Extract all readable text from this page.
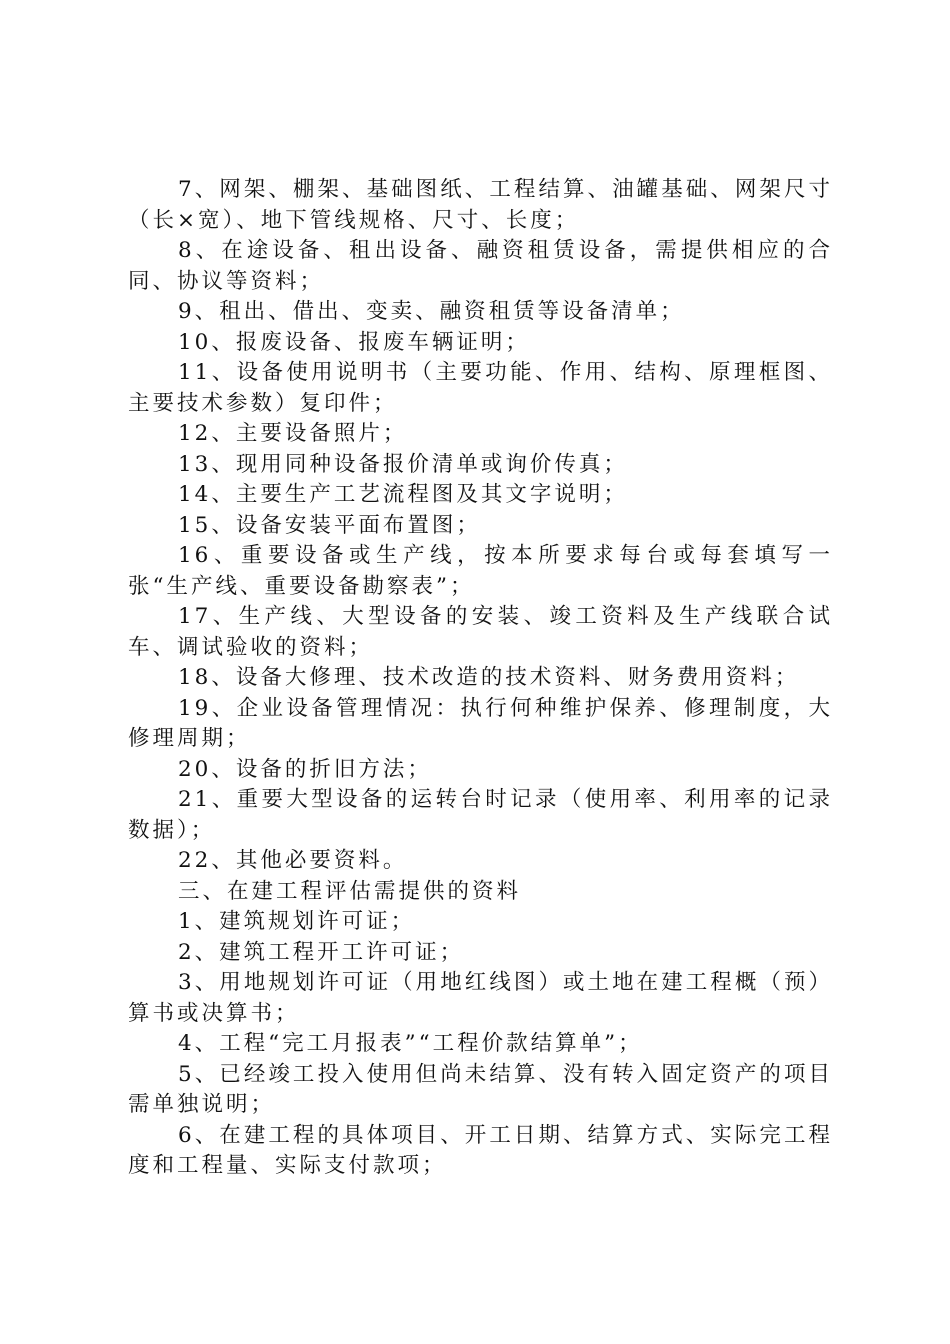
7、网架、棚架、基础图纸、工程结算、油罐基础、网架尺寸（长×宽）、地下管线规格、尺寸、长度；

8、在途设备、租出设备、融资租赁设备，需提供相应的合同、协议等资料；

9、租出、借出、变卖、融资租赁等设备清单；

10、报废设备、报废车辆证明；

11、设备使用说明书（主要功能、作用、结构、原理框图、主要技术参数）复印件；

12、主要设备照片；

13、现用同种设备报价清单或询价传真；

14、主要生产工艺流程图及其文字说明；

15、设备安装平面布置图；

16、重要设备或生产线，按本所要求每台或每套填写一张“生产线、重要设备勘察表”；

17、生产线、大型设备的安装、竣工资料及生产线联合试车、调试验收的资料；

18、设备大修理、技术改造的技术资料、财务费用资料；

19、企业设备管理情况：执行何种维护保养、修理制度，大修理周期；

20、设备的折旧方法；

21、重要大型设备的运转台时记录（使用率、利用率的记录数据）；

22、其他必要资料。

三、在建工程评估需提供的资料

1、建筑规划许可证；

2、建筑工程开工许可证；

3、用地规划许可证（用地红线图）或土地在建工程概（预）算书或决算书；

4、工程“完工月报表”“工程价款结算单”；

5、已经竣工投入使用但尚未结算、没有转入固定资产的项目需单独说明；

6、在建工程的具体项目、开工日期、结算方式、实际完工程度和工程量、实际支付款项；
